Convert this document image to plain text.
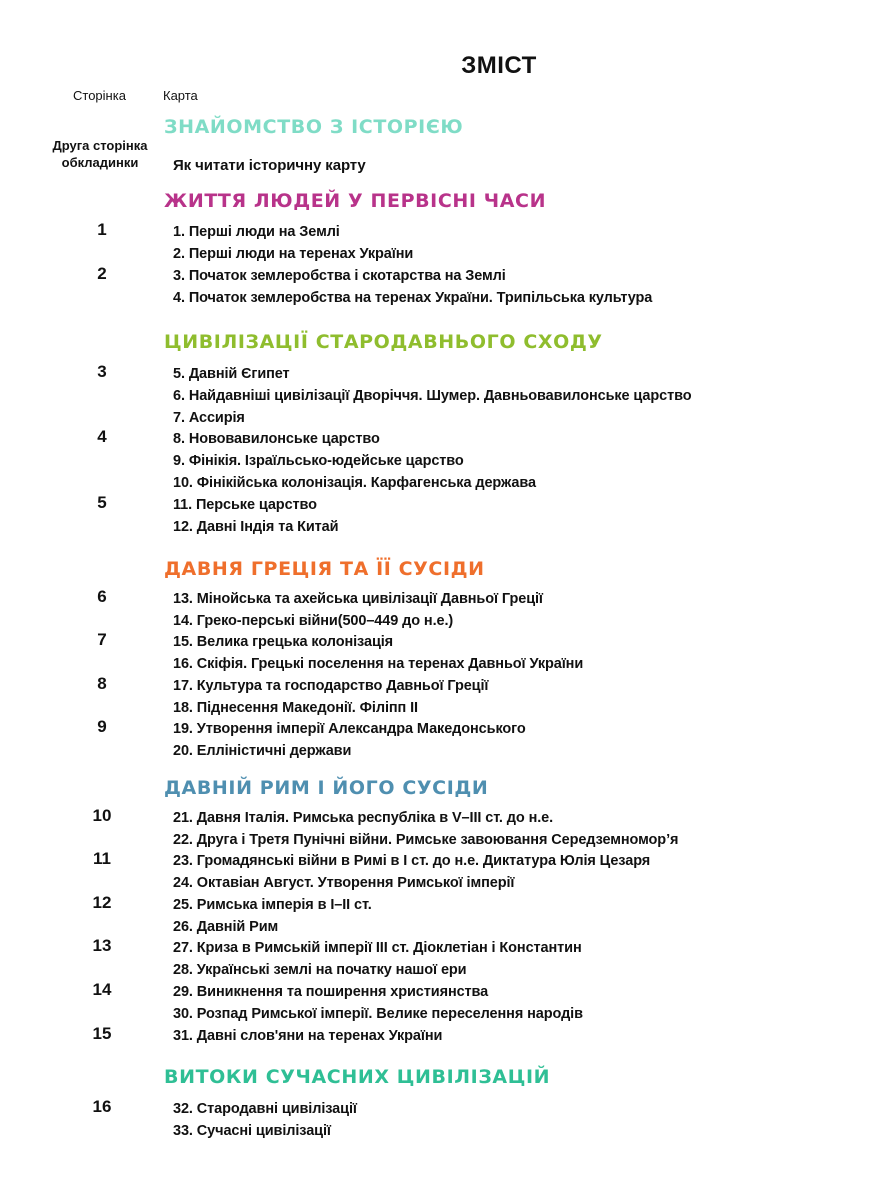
ЗМІСТ
Сторінка	Карта
ЗНАЙОМСТВО З ІСТОРІЄЮ
Друга сторінка
обкладинки	Як читати історичну карту
ЖИТТЯ ЛЮДЕЙ У ПЕРВІСНІ ЧАСИ
1	1. Перші люди на Землі
2. Перші люди на теренах України
2	3. Початок землеробства і скотарства на Землі
4. Початок землеробства на теренах України. Трипільська культура
ЦИВІЛІЗАЦІЇ СТАРОДАВНЬОГО СХОДУ
3	5. Давній Єгипет
6. Найдавніші цивілізації Дворіччя. Шумер. Давньовавилонське царство
7. Ассирія
4	8. Нововавилонське царство
9. Фінікія. Ізраїльсько-юдейське царство
10. Фінікійська колонізація. Карфагенська держава
5	11. Перське царство
12. Давні Індія та Китай
ДАВНЯ ГРЕЦІЯ ТА ЇЇ СУСІДИ
6	13. Мінойська та ахейська цивілізації Давньої Греції
14. Греко-перські війни(500–449 до н.е.)
7	15. Велика грецька колонізація
16. Скіфія. Грецькі поселення на теренах Давньої України
8	17. Культура та господарство Давньої Греції
18. Піднесення Македонії. Філіпп II
9	19. Утворення імперії Александра Македонського
20. Елліністичні держави
ДАВНІЙ РИМ І ЙОГО СУСІДИ
10	21. Давня Італія. Римська республіка в V–III ст. до н.е.
22. Друга і Третя Пунічні війни. Римське завоювання Середземномор’я
11	23. Громадянські війни в Римі в I ст. до н.е. Диктатура Юлія Цезаря
24. Октавіан Август. Утворення Римської імперії
12	25. Римська імперія в I–II ст.
26. Давній Рим
13	27. Криза в Римській імперії III ст. Діоклетіан і Константин
28. Українські землі на початку нашої ери
14	29. Виникнення та поширення християнства
30. Розпад Римської імперії. Велике переселення народів
15	31. Давні слов'яни на теренах України
ВИТОКИ СУЧАСНИХ ЦИВІЛІЗАЦІЙ
16	32. Стародавні цивілізації
33. Сучасні цивілізації
